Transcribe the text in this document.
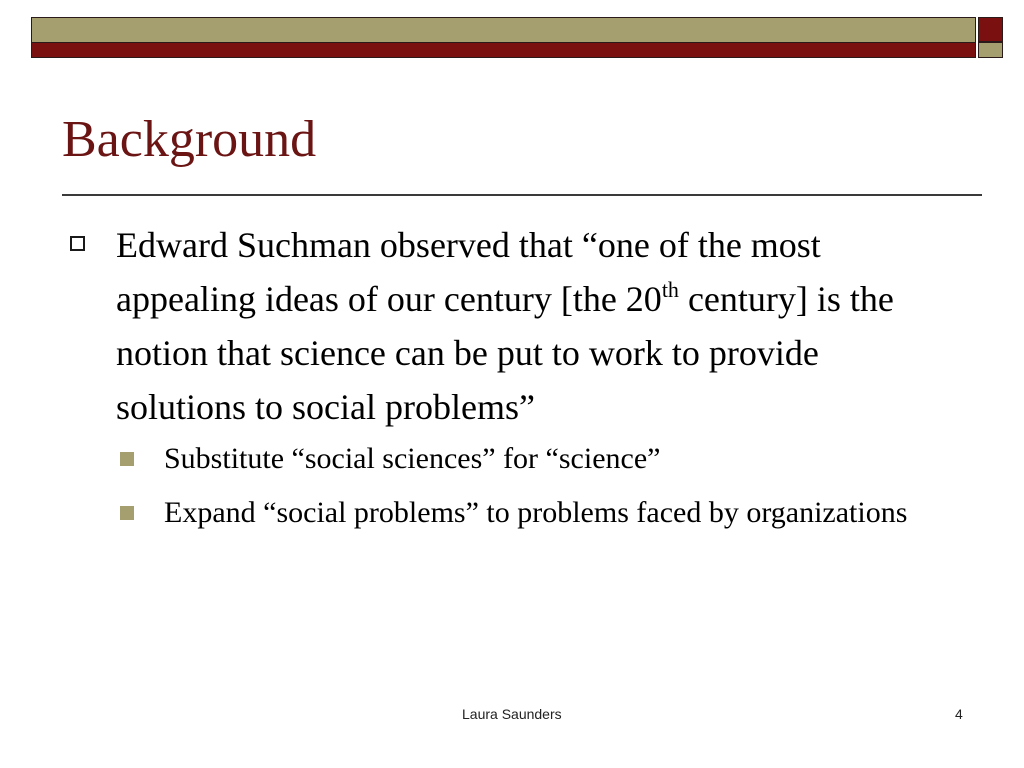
Background
Edward Suchman observed that “one of the most appealing ideas of our century [the 20th century] is the notion that science can be put to work to provide solutions to social problems”
Substitute “social sciences” for “science”
Expand “social problems” to problems faced by organizations
Laura Saunders	4
